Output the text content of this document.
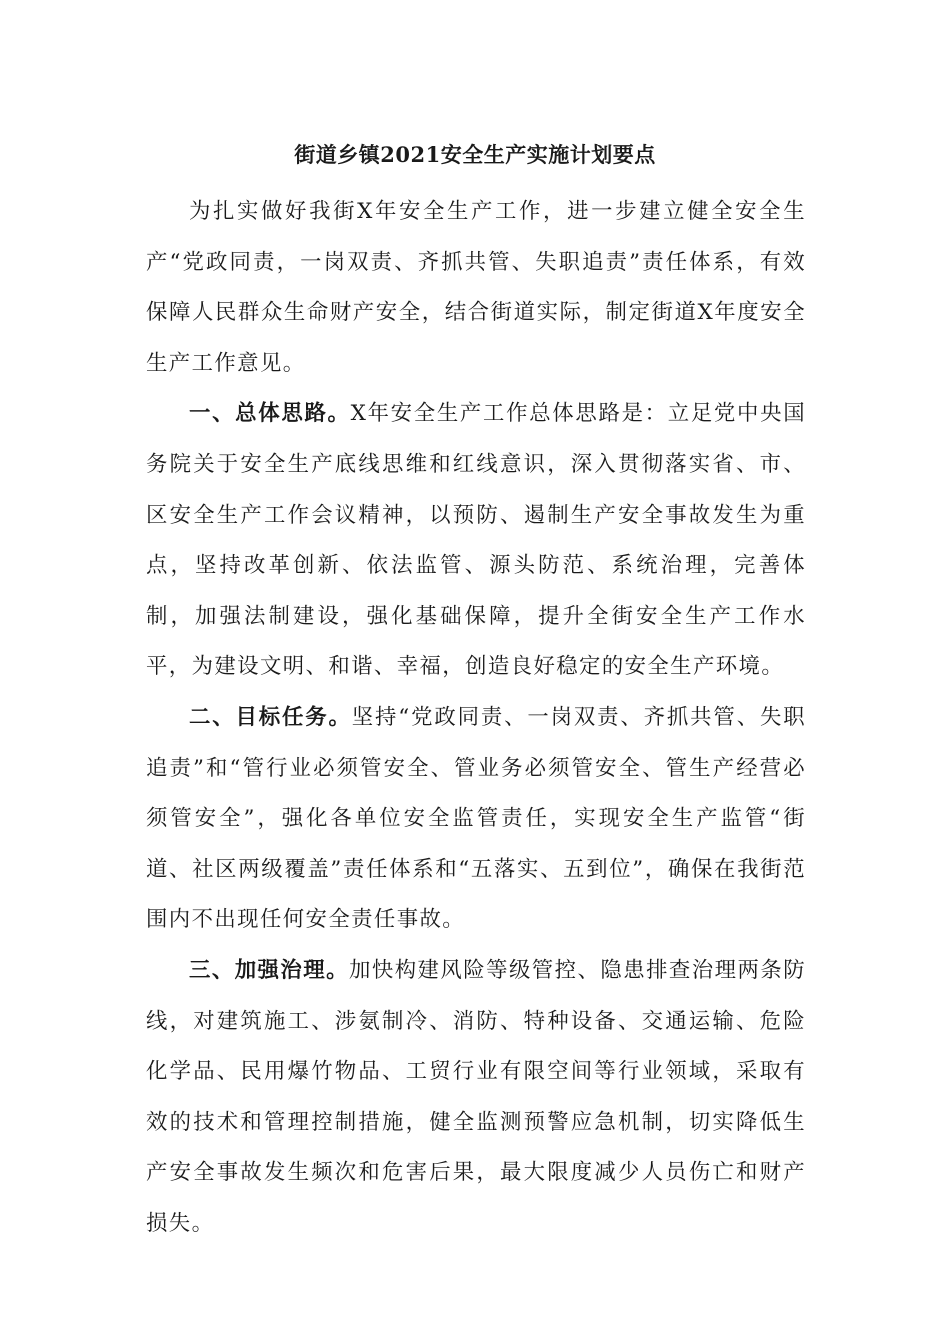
街道乡镇2021安全生产实施计划要点

为扎实做好我街X年安全生产工作，进一步建立健全安全生产“党政同责，一岗双责、齐抓共管、失职追责”责任体系，有效保障人民群众生命财产安全，结合街道实际，制定街道X年度安全生产工作意见。

一、总体思路。X年安全生产工作总体思路是：立足党中央国务院关于安全生产底线思维和红线意识，深入贯彻落实省、市、区安全生产工作会议精神，以预防、遏制生产安全事故发生为重点，坚持改革创新、依法监管、源头防范、系统治理，完善体制，加强法制建设，强化基础保障，提升全街安全生产工作水平，为建设文明、和谐、幸福，创造良好稳定的安全生产环境。

二、目标任务。坚持“党政同责、一岗双责、齐抓共管、失职追责”和“管行业必须管安全、管业务必须管安全、管生产经营必须管安全”，强化各单位安全监管责任，实现安全生产监管“街道、社区两级覆盖”责任体系和“五落实、五到位”，确保在我街范围内不出现任何安全责任事故。

三、加强治理。加快构建风险等级管控、隐患排查治理两条防线，对建筑施工、涉氨制冷、消防、特种设备、交通运输、危险化学品、民用爆竹物品、工贸行业有限空间等行业领域，采取有效的技术和管理控制措施，健全监测预警应急机制，切实降低生产安全事故发生频次和危害后果，最大限度减少人员伤亡和财产损失。
